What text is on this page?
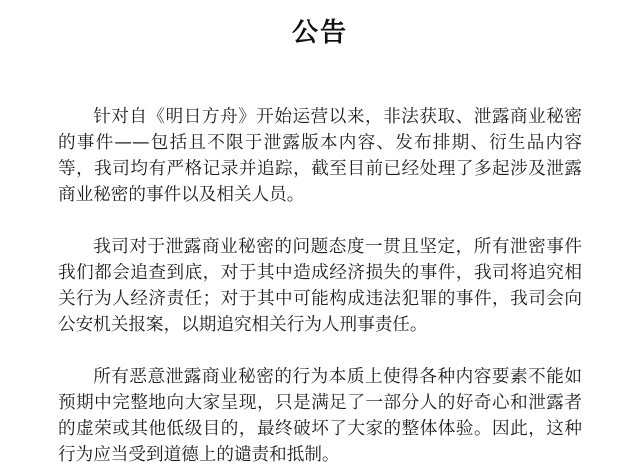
公告

针对自《明日方舟》开始运营以来，非法获取、泄露商业秘密的事件——包括且不限于泄露版本内容、发布排期、衍生品内容等，我司均有严格记录并追踪，截至目前已经处理了多起涉及泄露商业秘密的事件以及相关人员。

我司对于泄露商业秘密的问题态度一贯且坚定，所有泄密事件我们都会追查到底，对于其中造成经济损失的事件，我司将追究相关行为人经济责任；对于其中可能构成违法犯罪的事件，我司会向公安机关报案，以期追究相关行为人刑事责任。

所有恶意泄露商业秘密的行为本质上使得各种内容要素不能如预期中完整地向大家呈现，只是满足了一部分人的好奇心和泄露者的虚荣或其他低级目的，最终破坏了大家的整体体验。因此，这种行为应当受到道德上的谴责和抵制。
